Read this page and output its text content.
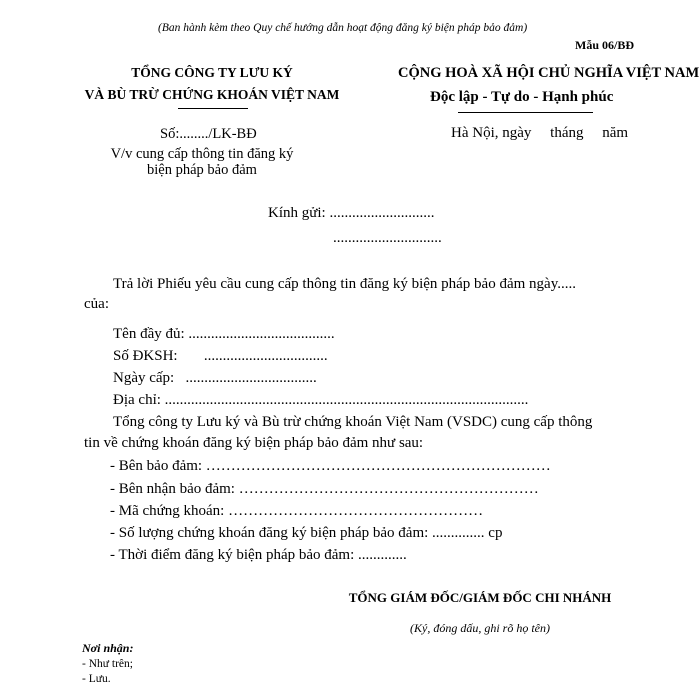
(Ban hành kèm theo Quy chế hướng dẫn hoạt động đăng ký biện pháp bảo đảm)
Mẫu 06/BĐ
TỔNG CÔNG TY LƯU KÝ
VÀ BÙ TRỪ CHỨNG KHOÁN VIỆT NAM
Số:......../LK-BĐ
V/v cung cấp thông tin đăng ký
biện pháp bảo đảm
CỘNG HOÀ XÃ HỘI CHỦ NGHĨA VIỆT NAM
Độc lập - Tự do - Hạnh phúc
Hà Nội, ngày     tháng     năm
Kính gửi: ............................
.............................
Trả lời Phiếu yêu cầu cung cấp thông tin đăng ký biện pháp bảo đảm ngày.....
của:
Tên đầy đủ: .......................................
Số ĐKSH:       .................................
Ngày cấp:   ...................................
Địa chỉ: .................................................................................................
Tổng công ty Lưu ký và Bù trừ chứng khoán Việt Nam (VSDC) cung cấp thông
tin về chứng khoán đăng ký biện pháp bảo đảm như sau:
- Bên bảo đảm: ……………………………………………………………
- Bên nhận bảo đảm: ……………………………………………………
- Mã chứng khoán: ……………………………………………
- Số lượng chứng khoán đăng ký biện pháp bảo đảm: .............. cp
- Thời điểm đăng ký biện pháp bảo đảm: .............
TỔNG GIÁM ĐỐC/GIÁM ĐỐC CHI NHÁNH
(Ký, đóng dấu, ghi rõ họ tên)
Nơi nhận:
- Như trên;
- Lưu.
